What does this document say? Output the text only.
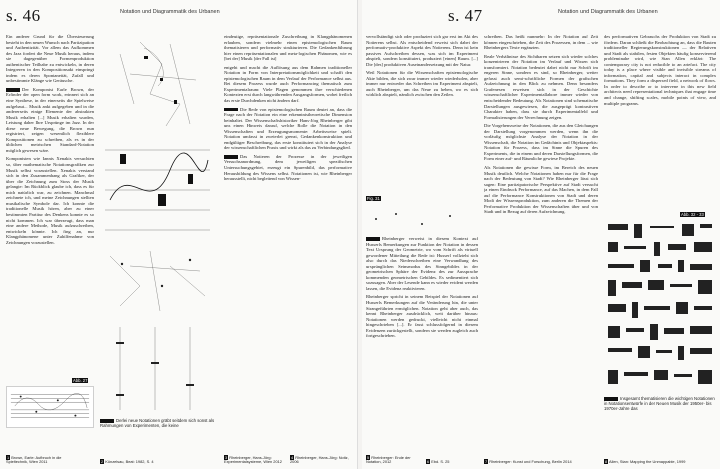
s. 46	Notation und Diagrammatik des Urbanen

Ein anderer Grund für die Übersteuerung besteht in den neuen Wunsch nach Partizipation und Authentizität. Vor allem das Aufkommen des Jazz fordert die Neue Musik heraus, indem sie dagegenüber Formenproduktion authentischer Teilhabe zu entwickeln, in deren Integreren in den Kompositionsakt einspringt indem es deren Spontaneität, Zufall und unbestimmte Klänge wie Geräusche.

Der Komponist Earle Brown, der Erfinder der open form work, erinnert sich an eine Synthese, in der einerseits die Spielweise aufgebaut... Musik ankt aufgegeben und in die andererseits einige Elemente der abstrakten Musik erhalten [...] Musik erhalten wurden, Leistung daher Ihre Ursprünge im Jazz. In der diese neue Bewegung, die Brown nun registriert, zeigen wesentlich flexiblere Kompositionen zu schreiben, als es in der üblichen metrischen Standard-Notation möglich gewesen wäre.

Komponisten wie Iannis Xenakis versuchten so, über mathematische Notationsgrafiken zur Musik selbst vorzustellen. Xenakis verstand sich in den Zusammenhang als Grafiker, der über die Zeichnung zum Stoss der Musik gelangte: Im Rückblick glaube ich, dass es für mich natürlich war, zu zeichnen. Manchmal zeichnete ich, und meine Zeichnungen stellten musikalische Symbole dar. Ich konnte die traditionelle Musik hören, aber zu einer bestimmten Partitur des Denkens konnte es so nicht kommen. Ich war überzeugt, dass man eine andere Methode, Musik aufzuschreiben, entwickeln könnte. Ich fing an, nur Klangphänomene unter Zuhilfenahme von Zeichnungen vorzustellen.

Abb. 27

eindeutige, repräsentationale Zuschreibung in Klangphänomenen erlauben, sondern vielmehr einen epistemologischen Raum thematisieren und performativ strukturieren. Die Gedankenführung hier einen repräsentationalen und meta-logischen Phänomen, wie es [bei der] Musik [der Fall ist]

entgeht und macht die Auflösung aus dem Rahmen traditioneller Notation in Form von Interpretationsmöglichkeit und schafft den epistemologischen Raum in dem Verlauf der Performance selbst aus. Bei diesem Prozess wurde auch Performancing thematisch zum Experimentalraum: Viele Plagen genommen ihre verschiedenen Kontexten erst durch langwährenden Ausgangsformen, wobei freilich das erste Durchdenken nicht ändern darf.

Die Rede von epistemologischen Raum deutet an, dass die Frage nach der Notation ein eine erkenntnistheoretische Dimension beinhaltet. Der Wissenschaftshistoriker Hans-Jörg Rheinberger gibt uns einen Hinweis darauf, welche Rolle die Notation in den Wissenschaften und Erzeugungsmomente: Arbeitsweise spielt. Notation umfasst in zweierlei grenzt, Gedankenkonstruktion und endgültiger Beschreibung, das erste konstituiert sich in der Analyse der wissenschaftlichen Praxis und wirkt als das zu Verbindungsglied.

Das Notieren der Prozesse in der jeweiligen Versuchsanordnung, dem jeweiligen spezifischen Untersuchungsgebiet, erzeugt ein Spurenbild, das performative Herausbildung des Wissens selbst. Notationen ist, wie Rheinberger herausstellt, nicht begleitend von Wissen-

Derlei neue Notationen gräbt seitdem sich sonst als Rahmungen von Experimenten, die keine
1 Brown, Earle: Aufbruch in die Spieltechnik, Wien 2011	2 Künzelsau, Beat: 1982, S. 4
3 Rheinberger, Hans-Jörg: Experimentalsysteme, Wien 2012
4 Rheinberger, Hans-Jörg: Notiz, 2006
s. 47	Notation und Diagrammatik des Urbanen

vervollständigt sich oder produziert sich gar erst im Akt des Notierens selbst. Als entscheidend erweist sich dabei der performativ-produktive Aspekt des Notierens. Denn ist kein passives Aufschreiben dessen, was sich im Experiment abspielt, sondern konstituiert, produziert [einen] Raum. [...] Die [des] produktiven Auseinandersetzung mit der Natur.

Weil Notationen für die Wissenschaften epistemologische Akte bilden, die sich zwar immer wieder wiederholen, aber immer nur entweder das Schreiben im Experiment abspielt, auch Rheinberger, um das Neue zu heben, wo es sich wirklich abspielt, nämlich zwischen den Zeilen.

Fig. 31

Rheinberger verweist in diesem Kontext auf Husserls Bemerkungen zur Funktion der Notation in dessen Text Ursprung der Geometrie, wo vom Schrift als virtuell gewordener Mitteilung die Rede ist: Husserl vollzieht sich also durch das Niederschreiben eine Verwandlung des ursprünglichen Seinsmodus des Sinngebildes in der geometrischen Sphäre der Evidenz des zur Aussprache kommenden geometrischen Gebildes. Es sedimentiert sich sozusagen. Aber der Lesende kann es wieder evident werden lassen, die Evidenz reaktivieren.

Rheinberger spricht in seinem Beispiel der Notationen auf Husserls Bemerkungen auf die Veränderung hin, die unter Strangeführten ermöglichen. Notation geht aber auch, das kennt Rheinberger ausdrücklich, weit darüber hinaus: Notationen werden gedruckt, vielleicht nicht einmal hingeschrieben [...]. Er fasst schlussfolgernd in diesem Evidenzen zurückgestellt, sondern sie werden zugleich auch fortgeschrieben.

schreiben. Das heißt nunmehr: In der Notation auf Zeit können eingeschrieben, die Zeit des Prozessen, in dem ... wie Rheinbergers Texte ergänzten.

Reale Verhältnisse des Sichtbaren setzen sich wieder solches konzentrieren der Notation im Verlauf und Wissen sich transformiert. Notation bedeutet dabei nicht nur Schrift im engeren Sinne, sondern es sind, so Rheinberger, weiter gefasst auch semi-schriftliche Formen der grafischen Aufzeichnung in den Blick zu nehmen. Denn besonders Grafenesen erweisen sich in der Geschichte wissenschaftlicher Experimentallabore immer wieder von entscheidender Bedeutung. Als Notationen sind schematische Darstellungen ausgewiesen, die ausgeprägt kontrastiven Charakter haben, dass sie durch Experimentalfeld und Formalisierungen der Verrechnung zeigen.

Die Vorgehensweise der Notationen, die aus den Gleichungen der Darstellung vorgenommen werden, wenn ihn die vorläufig möglichste Analyse der Notation in der Wissenschaft, die Notation im Gedächtnis und Objektaspekts: Notation für Prozess, dass im Sinne die Spuren des Experiments, die in einem und deren Darstellungsformen, die Form einer auf- und Räumliche gewiese Projekte.

Als Notationen die gewisse Form, im Bereich des neuen Musik deutlich. Welche Notationen haben nur für die Frage nach der Bedeutung von Stadt? Wie Rheinberger lässt sich sagen: Eine partizipatorische Perspektive auf Stadt versucht ja einen Eindruck Performance, auf das Machen, in dem Fall auf die Performance Konstruktionen von Stadt und deren Modi der Wissensproduktion, zum anderen die Themen der Performative Produktion der Wissenschaften über und von Stadt und in Bezug auf deren Aufzeichnung.

des performativen Gebrauchs der Produktion von Stadt zu fördern. Daran schließt die Beobachtung an, dass die Bauten traditioneller Regierungskonstruktionen — der Relativen und Stadt als stabilen, festen Objekten häufig konservierend probleminahe wird, wie Stan Allen erklärt: The contemporary city is not reducible to an artefact. The city today is a place where visible and invisible streams of information, capital and subjects interact in complex formations. They form a dispersed field, a network of flows. In order to describe or to intervene in this new field architects need representational techniques that engage time and change, shifting scales, mobile points of view, and multiple programs.

Abb. 32 - 33
Insgesamt thematisieren die wichtigen Notationen in Notationsentwürfe in der Neuen Musik der 1950er- bis 1970er-Jahre das
5 Rheinberger: Ende der Notation, 2012	6 Ebd. S. 25	7 Rheinberger: Kunst und Forschung, Berlin 2014	8 Allen, Stan: Mapping the Unmappable, 1999
